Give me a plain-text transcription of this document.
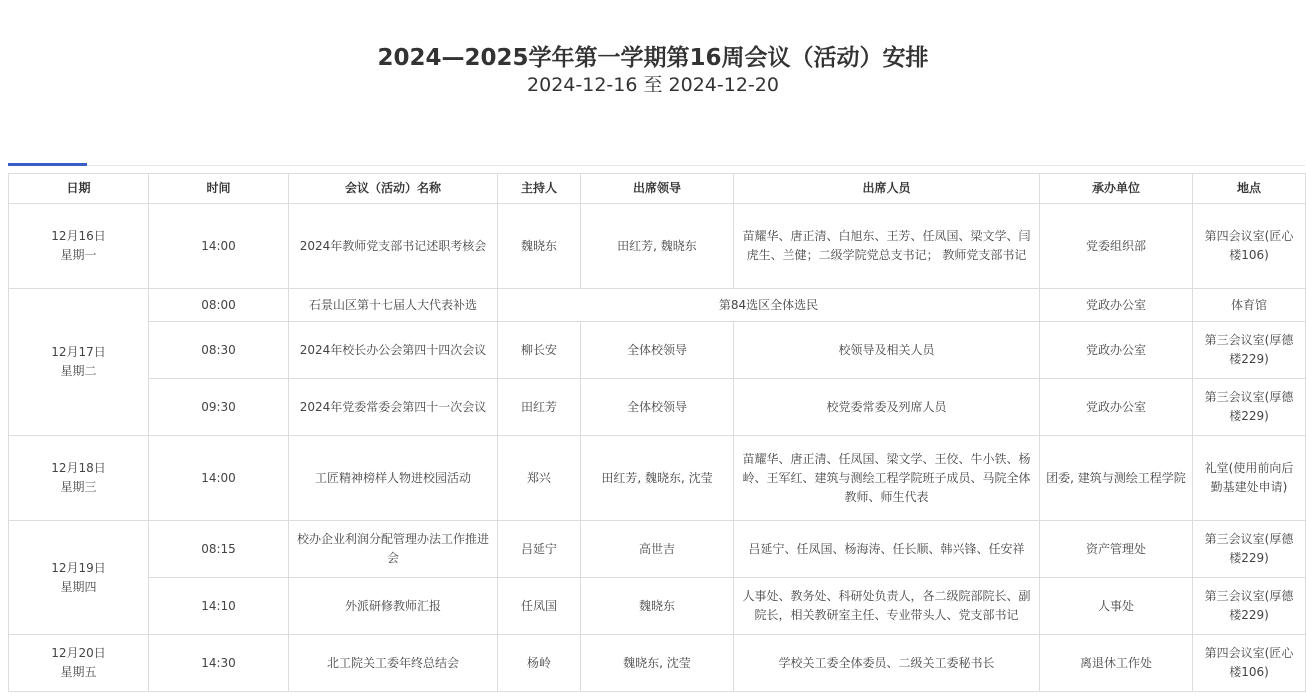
2024—2025学年第一学期第16周会议（活动）安排
2024-12-16 至 2024-12-20
日期	时间	会议（活动）名称	主持人	出席领导	出席人员	承办单位	地点

12月16日
星期一	14:00	2024年教师党支部书记述职考核会	魏晓东	田红芳, 魏晓东	苗耀华、唐正清、白旭东、王芳、任凤国、梁文学、闫虎生、兰健；二级学院党总支书记； 教师党支部书记	党委组织部	第四会议室(匠心楼106)

12月17日
星期二	08:00	石景山区第十七届人大代表补选	第84选区全体选民			党政办公室	体育馆
	08:30	2024年校长办公会第四十四次会议	柳长安	全体校领导	校领导及相关人员	党政办公室	第三会议室(厚德楼229)
	09:30	2024年党委常委会第四十一次会议	田红芳	全体校领导	校党委常委及列席人员	党政办公室	第三会议室(厚德楼229)

12月18日
星期三	14:00	工匠精神榜样人物进校园活动	郑兴	田红芳, 魏晓东, 沈莹	苗耀华、唐正清、任凤国、梁文学、王佼、牛小铁、杨岭、王军红、建筑与测绘工程学院班子成员、马院全体教师、师生代表	团委, 建筑与测绘工程学院	礼堂(使用前向后勤基建处申请)

12月19日
星期四	08:15	校办企业利润分配管理办法工作推进会	吕延宁	高世吉	吕延宁、任凤国、杨海涛、任长顺、韩兴锋、任安祥	资产管理处	第三会议室(厚德楼229)
	14:10	外派研修教师汇报	任凤国	魏晓东	人事处、教务处、科研处负责人，各二级院部院长、副院长，相关教研室主任、专业带头人、党支部书记	人事处	第三会议室(厚德楼229)

12月20日
星期五	14:30	北工院关工委年终总结会	杨岭	魏晓东, 沈莹	学校关工委全体委员、二级关工委秘书长	离退休工作处	第四会议室(匠心楼106)
